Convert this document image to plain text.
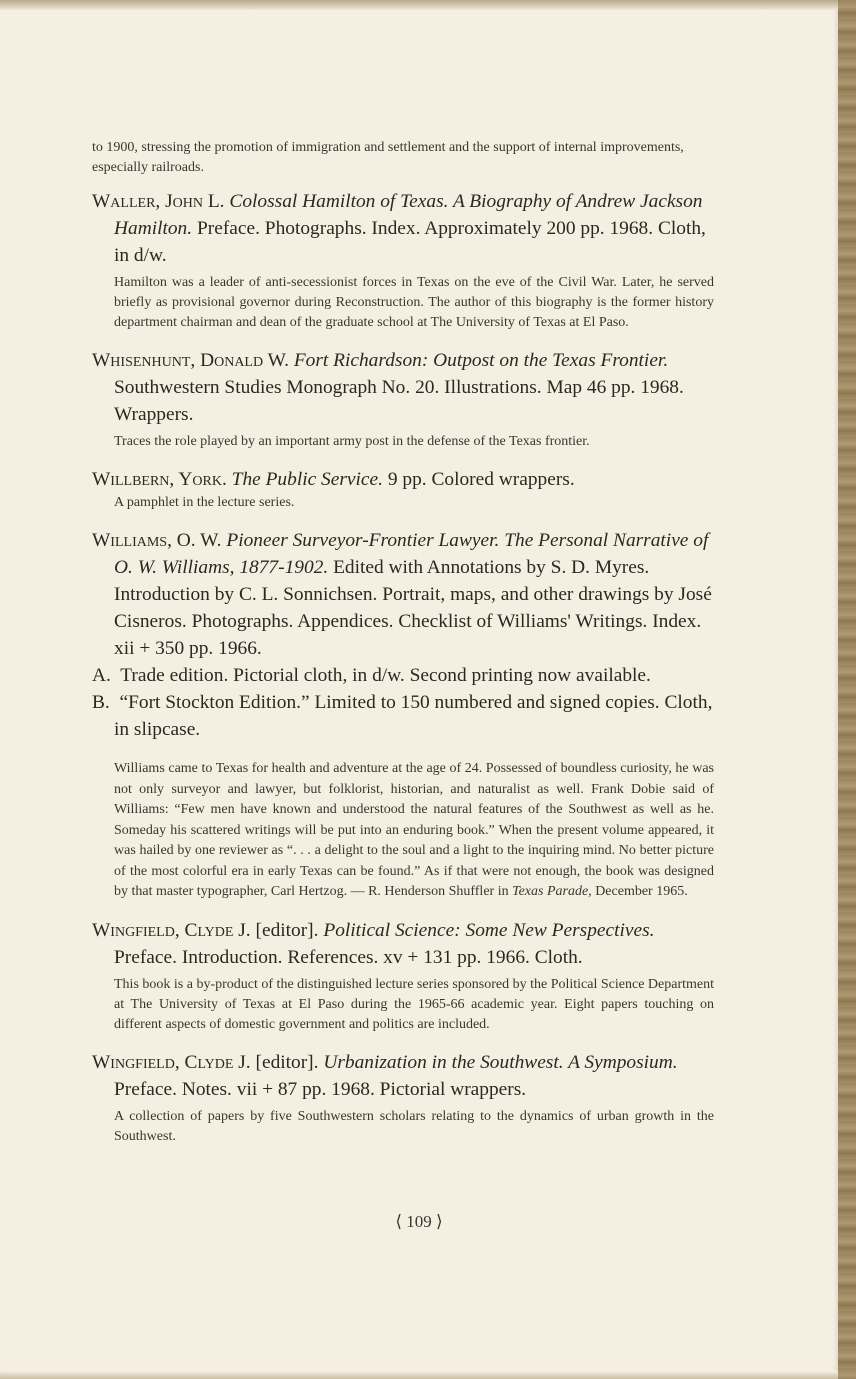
to 1900, stressing the promotion of immigration and settlement and the support of internal improvements, especially railroads.

Waller, John L. Colossal Hamilton of Texas. A Biography of Andrew Jackson Hamilton. Preface. Photographs. Index. Approximately 200 pp. 1968. Cloth, in d/w.

Hamilton was a leader of anti-secessionist forces in Texas on the eve of the Civil War. Later, he served briefly as provisional governor during Reconstruction. The author of this biography is the former history department chairman and dean of the graduate school at The University of Texas at El Paso.

Whisenhunt, Donald W. Fort Richardson: Outpost on the Texas Frontier. Southwestern Studies Monograph No. 20. Illustrations. Map 46 pp. 1968. Wrappers.

Traces the role played by an important army post in the defense of the Texas frontier.

Willbern, York. The Public Service. 9 pp. Colored wrappers.

A pamphlet in the lecture series.

Williams, O. W. Pioneer Surveyor-Frontier Lawyer. The Personal Narrative of O. W. Williams, 1877-1902. Edited with Annotations by S. D. Myres. Introduction by C. L. Sonnichsen. Portrait, maps, and other drawings by José Cisneros. Photographs. Appendices. Checklist of Williams' Writings. Index. xii + 350 pp. 1966.

A. Trade edition. Pictorial cloth, in d/w. Second printing now available.

B. “Fort Stockton Edition.” Limited to 150 numbered and signed copies. Cloth, in slipcase.

Williams came to Texas for health and adventure at the age of 24. Possessed of boundless curiosity, he was not only surveyor and lawyer, but folklorist, historian, and naturalist as well. Frank Dobie said of Williams: “Few men have known and understood the natural features of the Southwest as well as he. Someday his scattered writings will be put into an enduring book.” When the present volume appeared, it was hailed by one reviewer as “. . . a delight to the soul and a light to the inquiring mind. No better picture of the most colorful era in early Texas can be found.” As if that were not enough, the book was designed by that master typographer, Carl Hertzog. — R. Henderson Shuffler in Texas Parade, December 1965.

Wingfield, Clyde J. [editor]. Political Science: Some New Perspectives. Preface. Introduction. References. xv + 131 pp. 1966. Cloth.

This book is a by-product of the distinguished lecture series sponsored by the Political Science Department at The University of Texas at El Paso during the 1965-66 academic year. Eight papers touching on different aspects of domestic government and politics are included.

Wingfield, Clyde J. [editor]. Urbanization in the Southwest. A Symposium. Preface. Notes. vii + 87 pp. 1968. Pictorial wrappers.

A collection of papers by five Southwestern scholars relating to the dynamics of urban growth in the Southwest.

⟨ 109 ⟩
